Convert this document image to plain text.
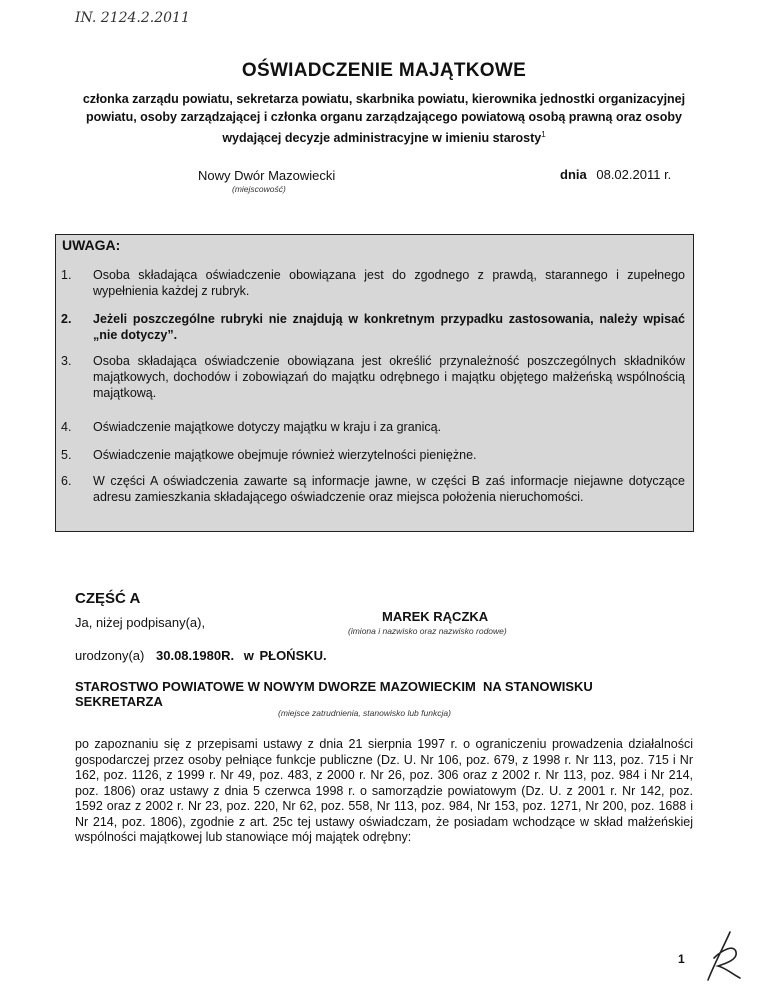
IN. 2124.2.2011
OŚWIADCZENIE MAJĄTKOWE
członka zarządu powiatu, sekretarza powiatu, skarbnika powiatu, kierownika jednostki organizacyjnej powiatu, osoby zarządzającej i członka organu zarządzającego powiatową osobą prawną oraz osoby wydającej decyzje administracyjne w imieniu starosty$^1$
Nowy Dwór Mazowiecki
(miejscowość)
dnia 08.02.2011 r.
UWAGA:
1.	Osoba składająca oświadczenie obowiązana jest do zgodnego z prawdą, starannego i zupełnego wypełnienia każdej z rubryk.
2.	Jeżeli poszczególne rubryki nie znajdują w konkretnym przypadku zastosowania, należy wpisać „nie dotyczy”.
3.	Osoba składająca oświadczenie obowiązana jest określić przynależność poszczególnych składników majątkowych, dochodów i zobowiązań do majątku odrębnego i majątku objętego małżeńską wspólnością majątkową.
4.	Oświadczenie majątkowe dotyczy majątku w kraju i za granicą.
5.	Oświadczenie majątkowe obejmuje również wierzytelności pieniężne.
6.	W części A oświadczenia zawarte są informacje jawne, w części B zaś informacje niejawne dotyczące adresu zamieszkania składającego oświadczenie oraz miejsca położenia nieruchomości.
CZĘŚĆ A
Ja, niżej podpisany(a),	MAREK RĄCZKA
(imiona i nazwisko oraz nazwisko rodowe)
urodzony(a) 30.08.1980R. w PŁOŃSKU.
STAROSTWO POWIATOWE W NOWYM DWORZE MAZOWIECKIM  NA STANOWISKU
SEKRETARZA
(miejsce zatrudnienia, stanowisko lub funkcja)
po zapoznaniu się z przepisami ustawy z dnia 21 sierpnia 1997 r. o ograniczeniu prowadzenia działalności gospodarczej przez osoby pełniące funkcje publiczne (Dz. U. Nr 106, poz. 679, z 1998 r. Nr 113, poz. 715 i Nr 162, poz. 1126, z 1999 r. Nr 49, poz. 483, z 2000 r. Nr 26, poz. 306 oraz z 2002 r. Nr 113, poz. 984 i Nr 214, poz. 1806) oraz ustawy z dnia 5 czerwca 1998 r. o samorządzie powiatowym (Dz. U. z 2001 r. Nr 142, poz. 1592 oraz z 2002 r. Nr 23, poz. 220, Nr 62, poz. 558, Nr 113, poz. 984, Nr 153, poz. 1271, Nr 200, poz. 1688 i Nr 214, poz. 1806), zgodnie z art. 25c tej ustawy oświadczam, że posiadam wchodzące w skład małżeńskiej wspólności majątkowej lub stanowiące mój majątek odrębny:
1
